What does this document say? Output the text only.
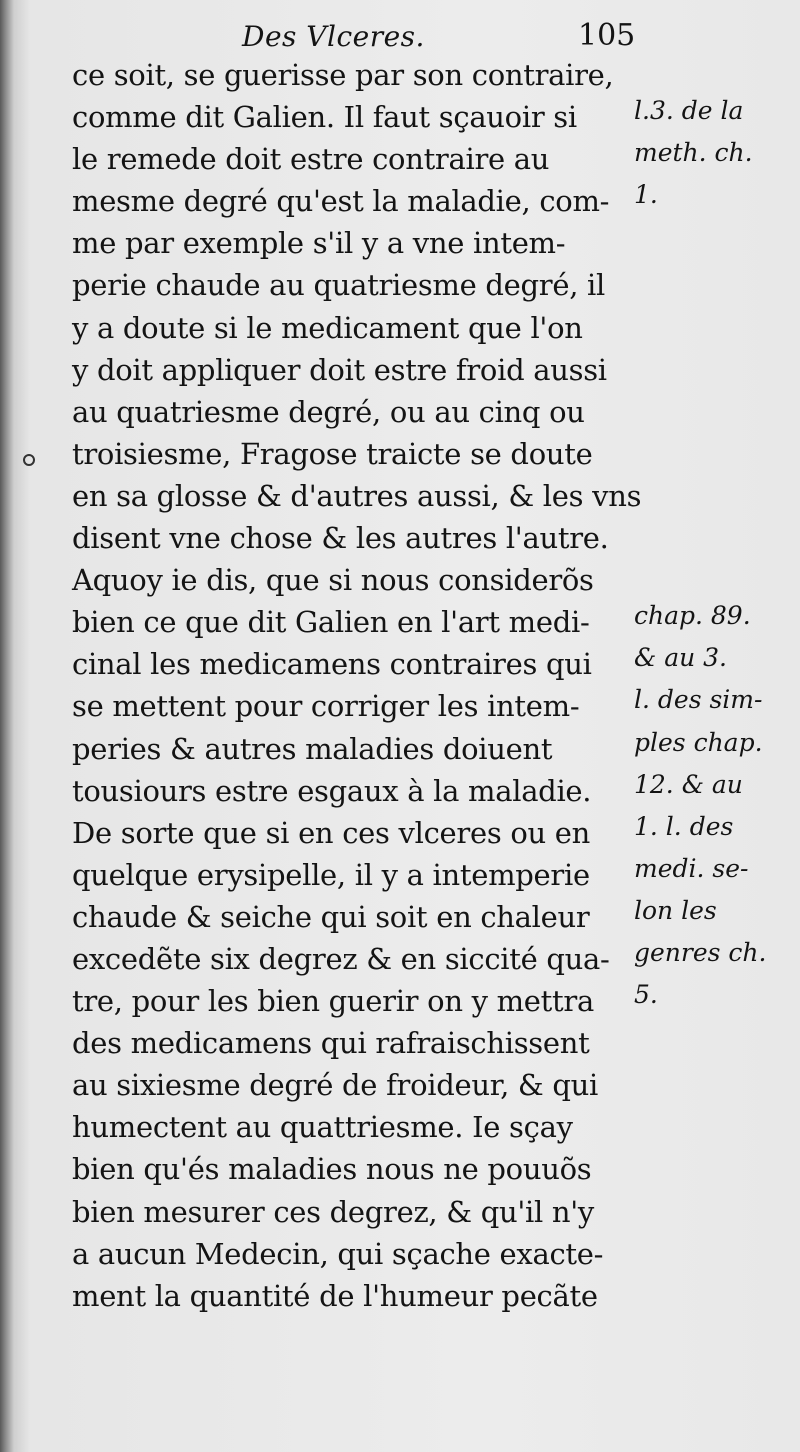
Des Vlceres.	105
ce soit, se guerisse par son contraire,
comme dit Galien. Il faut sçauoir si
le remede doit estre contraire au
mesme degré qu'est la maladie, com-
me par exemple s'il y a vne intem-
perie chaude au quatriesme degré, il
y a doute si le medicament que l'on
y doit appliquer doit estre froid aussi
au quatriesme degré, ou au cinq ou
troisiesme, Fragose traicte se doute
en sa glosse & d'autres aussi, & les vns
disent vne chose & les autres l'autre.
Aquoy ie dis, que si nous considerõs
bien ce que dit Galien en l'art medi-
cinal les medicamens contraires qui
se mettent pour corriger les intem-
peries & autres maladies doiuent
tousiours estre esgaux à la maladie.
De sorte que si en ces vlceres ou en
quelque erysipelle, il y a intemperie
chaude & seiche qui soit en chaleur
excedẽte six degrez & en siccité qua-
tre, pour les bien guerir on y mettra
des medicamens qui rafraischissent
au sixiesme degré de froideur, & qui
humectent au quattriesme. Ie sçay
bien qu'és maladies nous ne pouuõs
bien mesurer ces degrez, & qu'il n'y
a aucun Medecin, qui sçache exacte-
ment la quantité de l'humeur pecãte
l.3. de la
meth. ch.
1.
chap. 89.
& au 3.
l. des sim-
ples chap.
12. & au
1. l. des
medi. se-
lon les
genres ch.
5.
